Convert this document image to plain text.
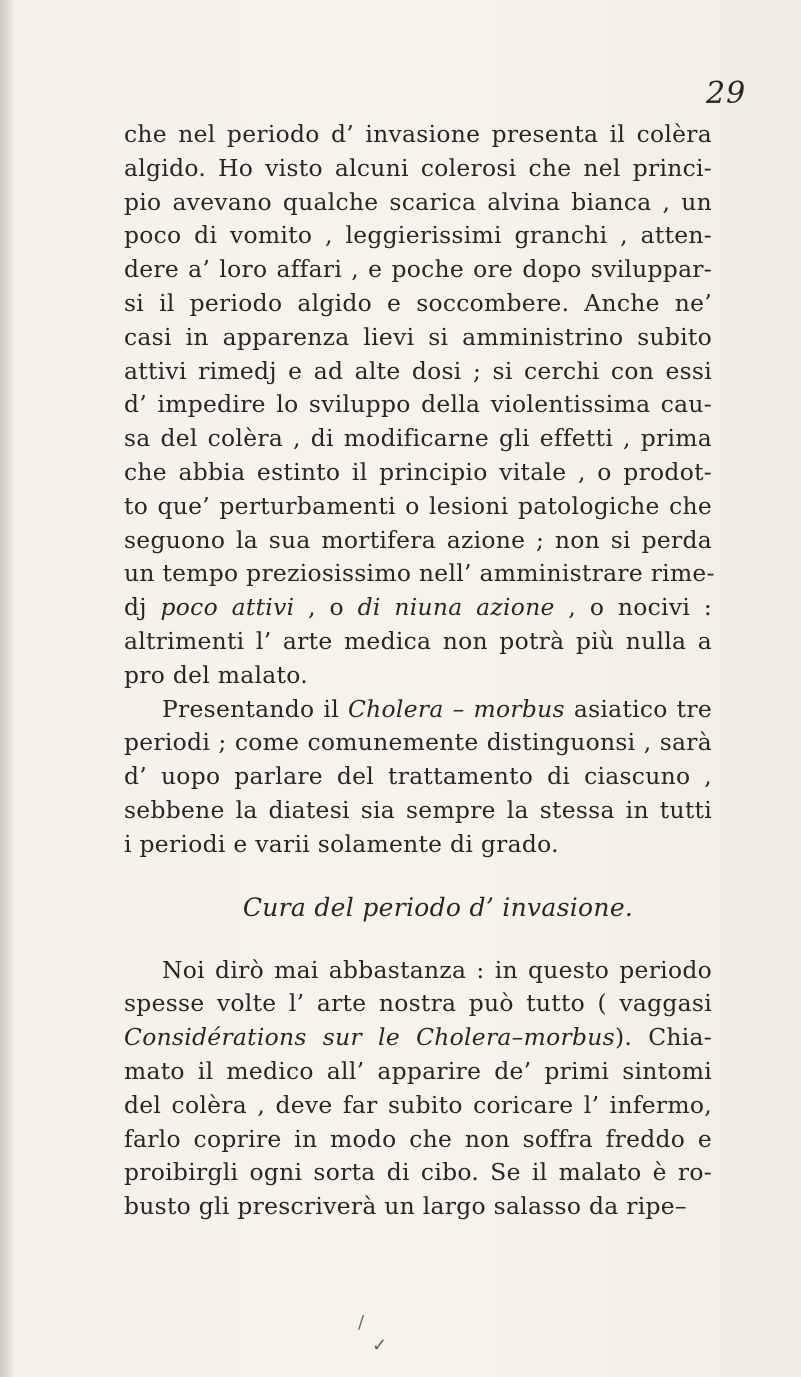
29
che nel periodo d’ invasione presenta il colèra
algido. Ho visto alcuni colerosi che nel princi-
pio avevano qualche scarica alvina bianca , un
poco di vomito , leggierissimi granchi , atten-
dere a’ loro affari , e poche ore dopo sviluppar-
si il periodo algido e soccombere. Anche ne’
casi in apparenza lievi si amministrino subito
attivi rimedj e ad alte dosi ; si cerchi con essi
d’ impedire lo sviluppo della violentissima cau-
sa del colèra , di modificarne gli effetti , prima
che abbia estinto il principio vitale , o prodot-
to que’ perturbamenti o lesioni patologiche che
seguono la sua mortifera azione ; non si perda
un tempo preziosissimo nell’ amministrare rime-
dj poco attivi , o di niuna azione , o nocivi :
altrimenti l’ arte medica non potrà più nulla a
pro del malato.
Presentando il Cholera – morbus asiatico tre
periodi ; come comunemente distinguonsi , sarà
d’ uopo parlare del trattamento di ciascuno ,
sebbene la diatesi sia sempre la stessa in tutti
i periodi e varii solamente di grado.
Cura del periodo d’ invasione.
Noi dirò mai abbastanza : in questo periodo
spesse volte l’ arte nostra può tutto ( vaggasi
Considérations sur le Cholera–morbus). Chia-
mato il medico all’ apparire de’ primi sintomi
del colèra , deve far subito coricare l’ infermo,
farlo coprire in modo che non soffra freddo e
proibirgli ogni sorta di cibo. Se il malato è ro-
busto gli prescriverà un largo salasso da ripe–
/
✓
